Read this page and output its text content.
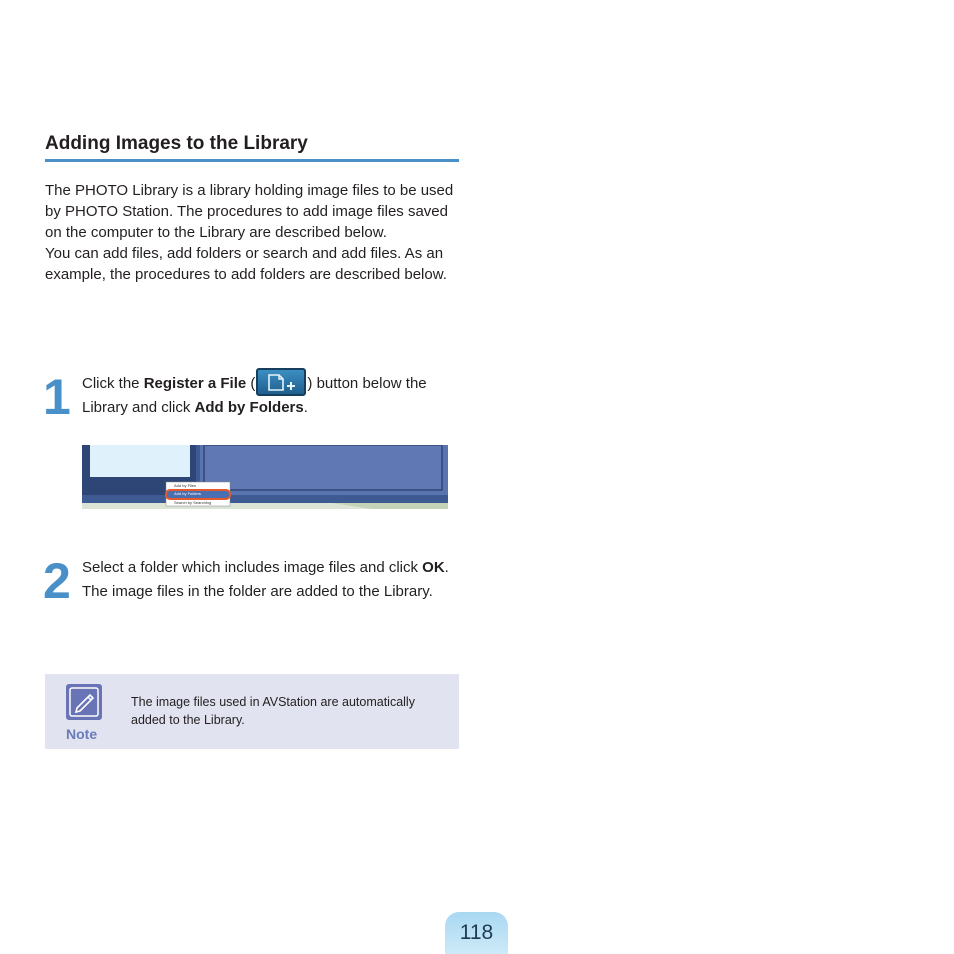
Adding Images to the Library

The PHOTO Library is a library holding image files to be used by PHOTO Station. The procedures to add image files saved on the computer to the Library are described below.

You can add files, add folders or search and add files. As an example, the procedures to add folders are described below.

1 Click the Register a File (	) button below the Library and click Add by Folders.
Add by Files
Add by Folders
Search by Searching
2 Select a folder which includes image files and click OK. The image files in the folder are added to the Library.
Note
The image files used in AVStation are automatically added to the Library.
118
